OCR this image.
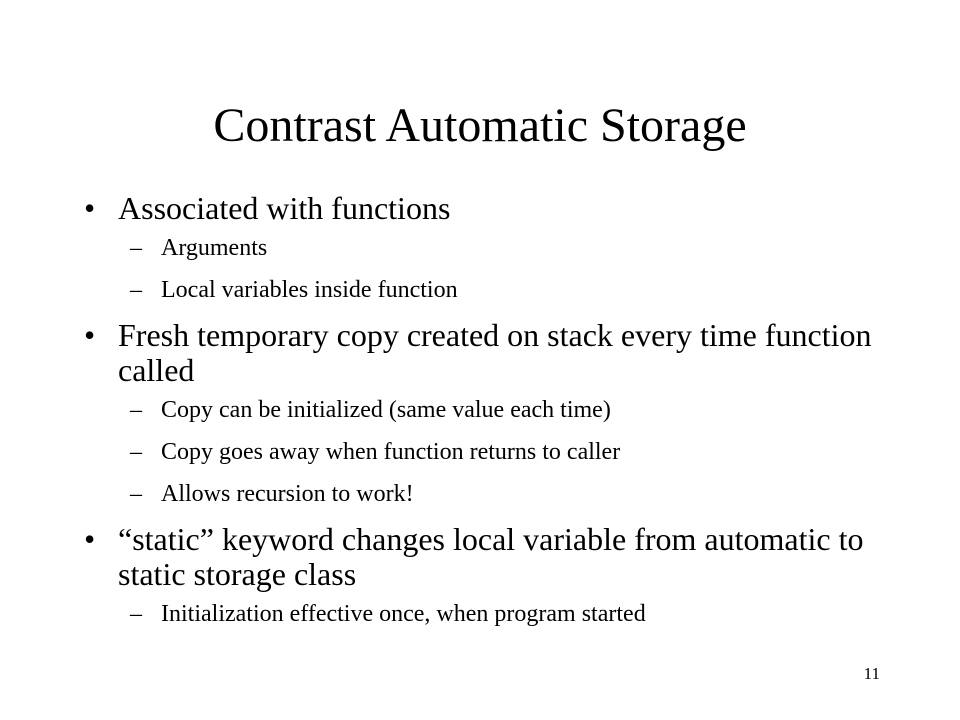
Contrast Automatic Storage
• Associated with functions
– Arguments
– Local variables inside function
• Fresh temporary copy created on stack every time function called
– Copy can be initialized (same value each time)
– Copy goes away when function returns to caller
– Allows recursion to work!
• “static” keyword changes local variable from automatic to static storage class
– Initialization effective once, when program started
11
